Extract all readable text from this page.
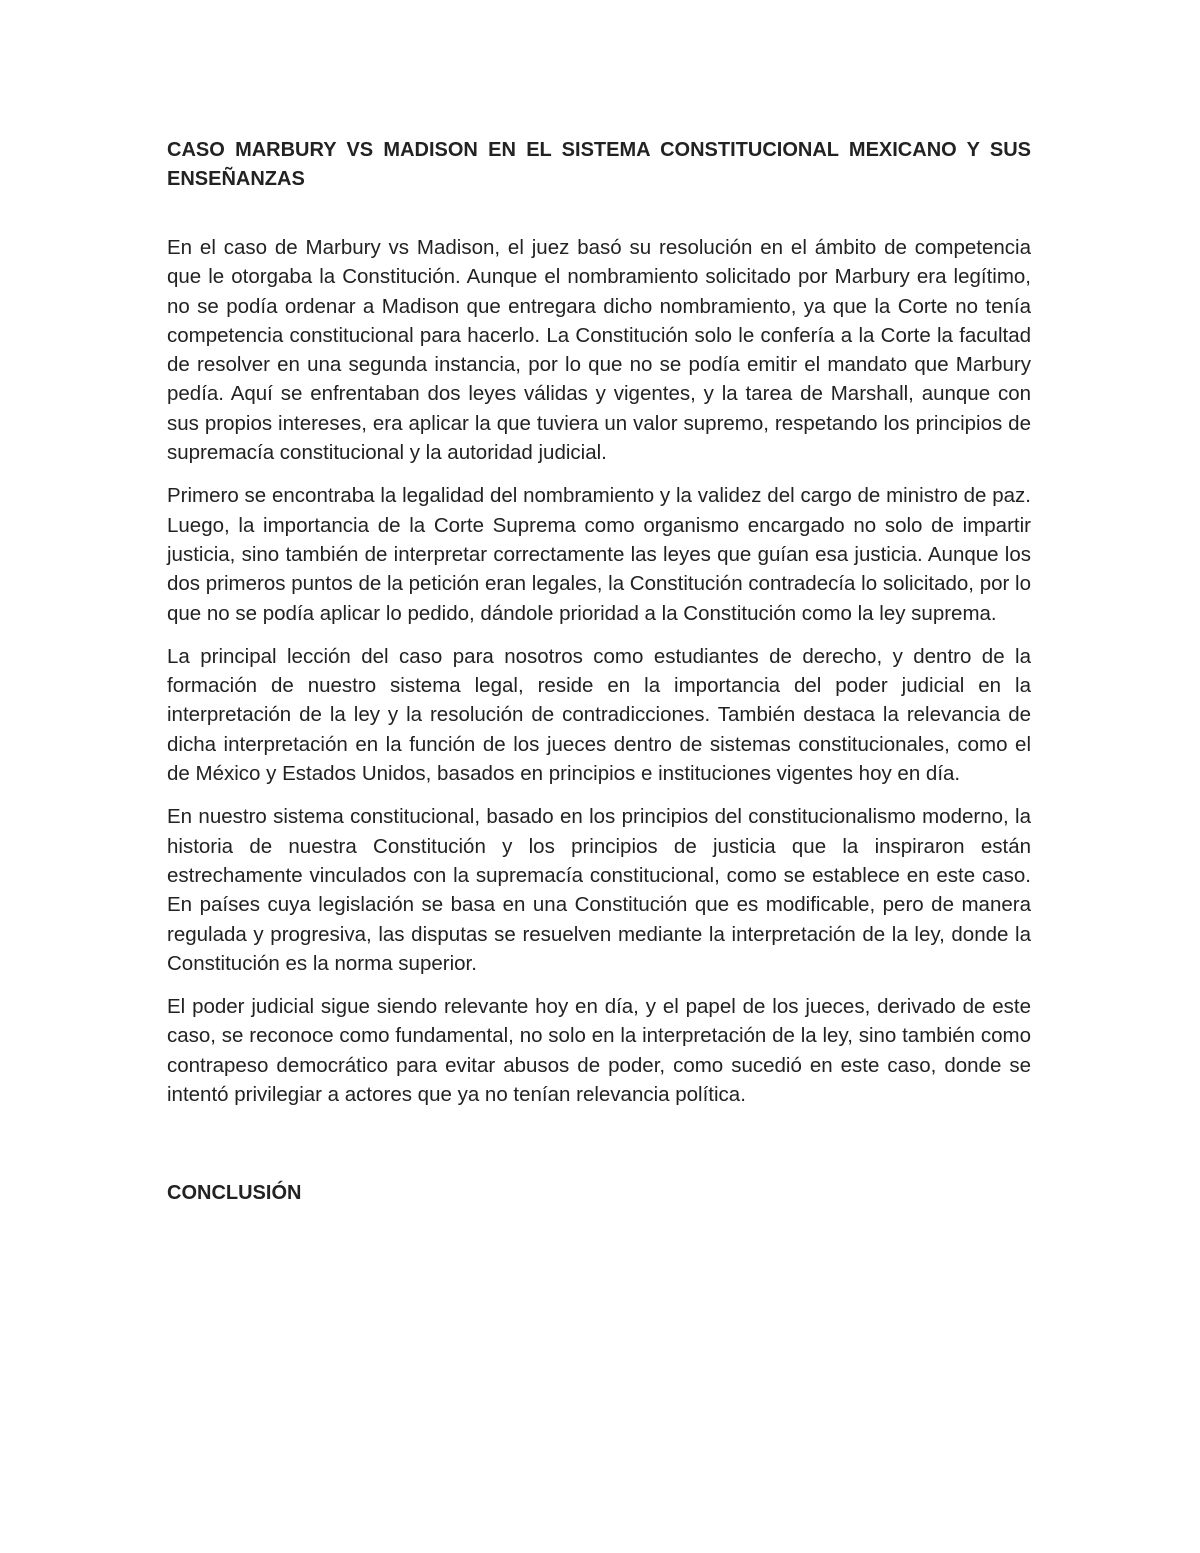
CASO MARBURY VS MADISON EN EL SISTEMA CONSTITUCIONAL MEXICANO Y SUS ENSEÑANZAS

En el caso de Marbury vs Madison, el juez basó su resolución en el ámbito de competencia que le otorgaba la Constitución. Aunque el nombramiento solicitado por Marbury era legítimo, no se podía ordenar a Madison que entregara dicho nombramiento, ya que la Corte no tenía competencia constitucional para hacerlo. La Constitución solo le confería a la Corte la facultad de resolver en una segunda instancia, por lo que no se podía emitir el mandato que Marbury pedía. Aquí se enfrentaban dos leyes válidas y vigentes, y la tarea de Marshall, aunque con sus propios intereses, era aplicar la que tuviera un valor supremo, respetando los principios de supremacía constitucional y la autoridad judicial.

Primero se encontraba la legalidad del nombramiento y la validez del cargo de ministro de paz. Luego, la importancia de la Corte Suprema como organismo encargado no solo de impartir justicia, sino también de interpretar correctamente las leyes que guían esa justicia. Aunque los dos primeros puntos de la petición eran legales, la Constitución contradecía lo solicitado, por lo que no se podía aplicar lo pedido, dándole prioridad a la Constitución como la ley suprema.

La principal lección del caso para nosotros como estudiantes de derecho, y dentro de la formación de nuestro sistema legal, reside en la importancia del poder judicial en la interpretación de la ley y la resolución de contradicciones. También destaca la relevancia de dicha interpretación en la función de los jueces dentro de sistemas constitucionales, como el de México y Estados Unidos, basados en principios e instituciones vigentes hoy en día.

En nuestro sistema constitucional, basado en los principios del constitucionalismo moderno, la historia de nuestra Constitución y los principios de justicia que la inspiraron están estrechamente vinculados con la supremacía constitucional, como se establece en este caso. En países cuya legislación se basa en una Constitución que es modificable, pero de manera regulada y progresiva, las disputas se resuelven mediante la interpretación de la ley, donde la Constitución es la norma superior.

El poder judicial sigue siendo relevante hoy en día, y el papel de los jueces, derivado de este caso, se reconoce como fundamental, no solo en la interpretación de la ley, sino también como contrapeso democrático para evitar abusos de poder, como sucedió en este caso, donde se intentó privilegiar a actores que ya no tenían relevancia política.

CONCLUSIÓN
